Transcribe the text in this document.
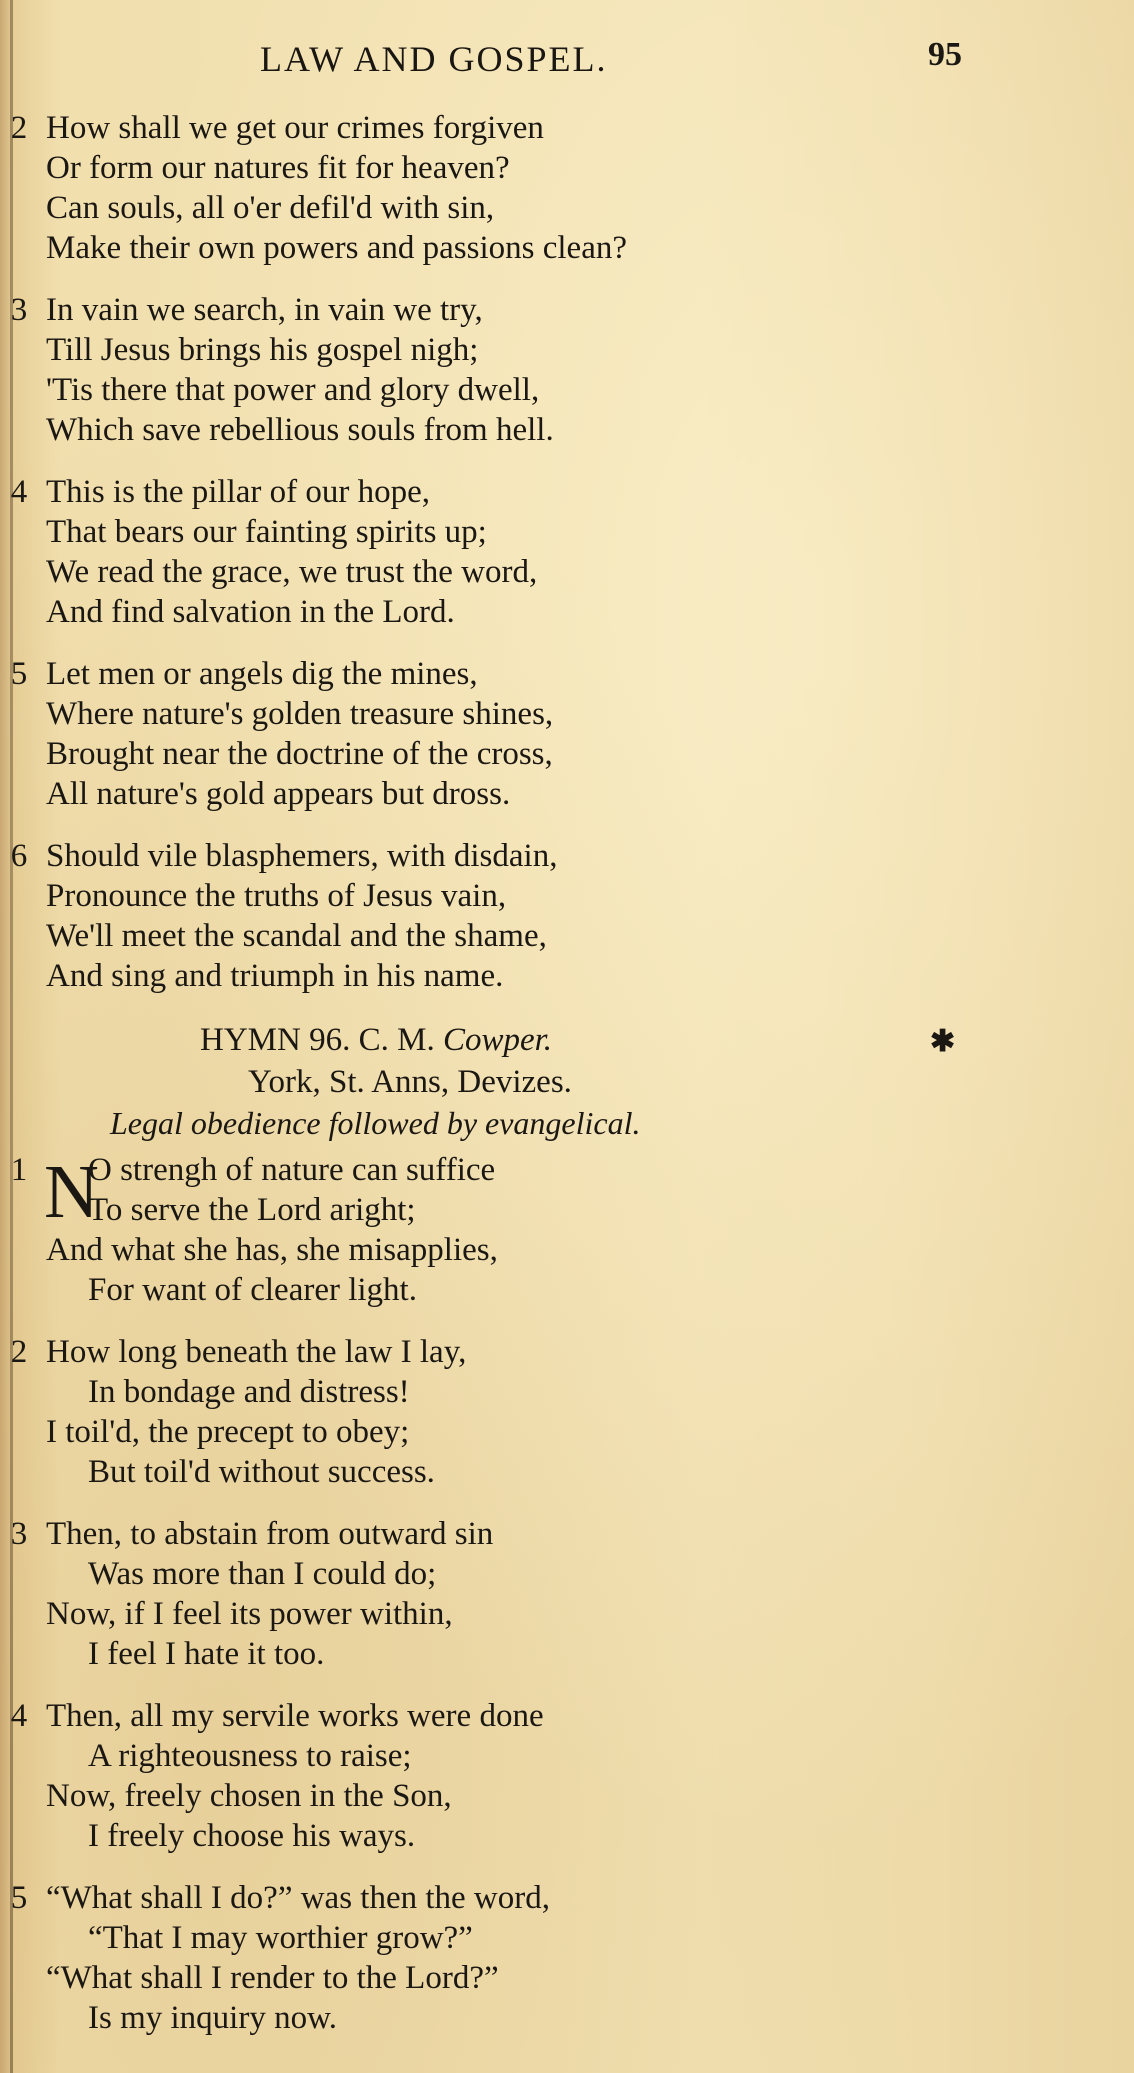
LAW AND GOSPEL.	95
2 How shall we get our crimes forgiven
Or form our natures fit for heaven?
Can souls, all o'er defil'd with sin,
Make their own powers and passions clean?
3 In vain we search, in vain we try,
Till Jesus brings his gospel nigh;
'Tis there that power and glory dwell,
Which save rebellious souls from hell.
4 This is the pillar of our hope,
That bears our fainting spirits up;
We read the grace, we trust the word,
And find salvation in the Lord.
5 Let men or angels dig the mines,
Where nature's golden treasure shines,
Brought near the doctrine of the cross,
All nature's gold appears but dross.
6 Should vile blasphemers, with disdain,
Pronounce the truths of Jesus vain,
We'll meet the scandal and the shame,
And sing and triumph in his name.
HYMN 96. C. M. Cowper.	✱
York, St. Anns, Devizes.
Legal obedience followed by evangelical.
N
1 O strengh of nature can suffice
To serve the Lord aright;
And what she has, she misapplies,
For want of clearer light.
2 How long beneath the law I lay,
In bondage and distress!
I toil'd, the precept to obey;
But toil'd without success.
3 Then, to abstain from outward sin
Was more than I could do;
Now, if I feel its power within,
I feel I hate it too.
4 Then, all my servile works were done
A righteousness to raise;
Now, freely chosen in the Son,
I freely choose his ways.
5 “What shall I do?” was then the word,
“That I may worthier grow?”
“What shall I render to the Lord?”
Is my inquiry now.
